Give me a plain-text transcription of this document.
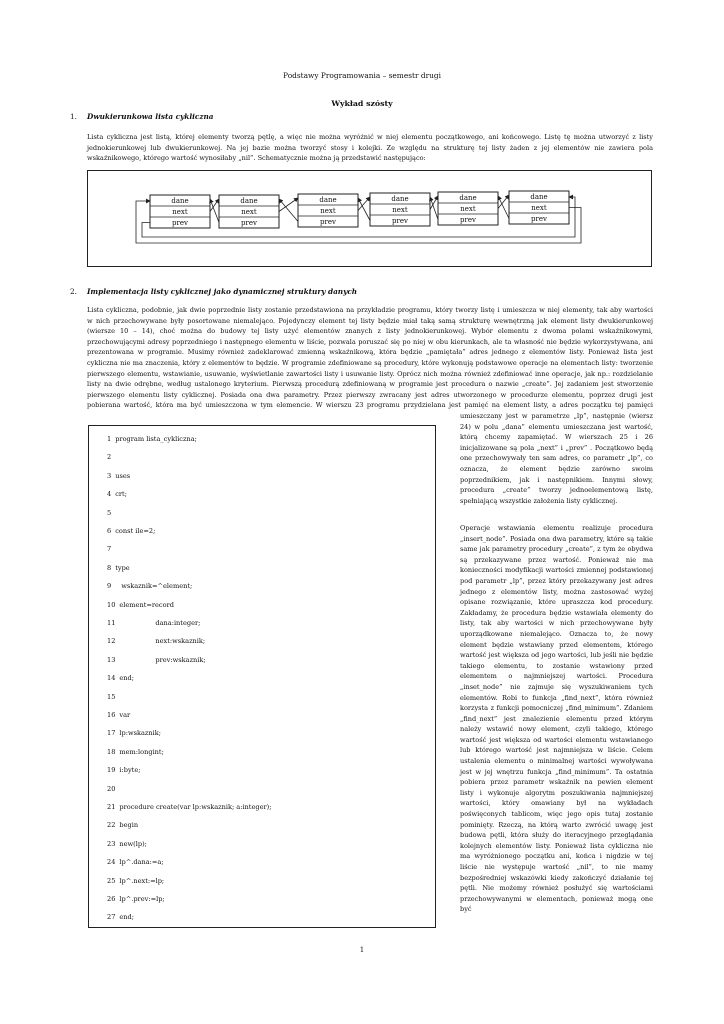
Podstawy Programowania – semestr drugi
Wykład szósty
1. Dwukierunkowa lista cykliczna
Lista cykliczna jest listą, której elementy tworzą pętlę, a więc nie można wyróżnić w niej elementu początkowego, ani końcowego. Listę tę można utworzyć z listy
jednokierunkowej lub dwukierunkowej. Na jej bazie można tworzyć stosy i kolejki. Ze względu na strukturę tej listy żaden z jej elementów nie zawiera pola
wskaźnikowego, którego wartość wynosiłaby „nil”. Schematycznie można ją przedstawić następująco:
dane
next
prev
dane
next
prev
dane
next
prev
dane
next
prev
dane
next
prev
dane
next
prev
2. Implementacja listy cyklicznej jako dynamicznej struktury danych
Lista cykliczna, podobnie, jak dwie poprzednie listy zostanie przedstawiona na przykładzie programu, który tworzy listę i umieszcza w niej elementy, tak aby wartości
w nich przechowywane były posortowane niemalejąco. Pojedynczy element tej listy będzie miał taką samą strukturę wewnętrzną jak element listy dwukierunkowej
(wiersze 10 – 14), choć można do budowy tej listy użyć elementów znanych z listy jednokierunkowej. Wybór elementu z dwoma polami wskaźnikowymi,
przechowującymi adresy poprzedniego i następnego elementu w liście, pozwala poruszać się po niej w obu kierunkach, ale ta własność nie będzie wykorzystywana, ani
prezentowana w programie. Musimy również zadeklarować zmienną wskaźnikową, która będzie „pamiętała” adres jednego z elementów listy. Ponieważ lista jest
cykliczna nie ma znaczenia, który z elementów to będzie. W programie zdefiniowane są procedury, które wykonują podstawowe operacje na elementach listy: tworzenie
pierwszego elementu, wstawianie, usuwanie, wyświetlanie zawartości listy i usuwanie listy. Oprócz nich można również zdefiniować inne operacje, jak np.: rozdzielanie
listy na dwie odrębne, według ustalonego kryterium. Pierwszą procedurą zdefiniowaną w programie jest procedura o nazwie „create”. Jej zadaniem jest stworzenie
pierwszego elementu listy cyklicznej. Posiada ona dwa parametry. Przez pierwszy zwracany jest adres utworzonego w procedurze elementu, poprzez drugi jest
pobierana wartość, która ma być umieszczona w tym elemencie. W wierszu 23 programu przydzielana jest pamięć na element listy, a adres początku tej pamięci
umieszczany jest w parametrze „lp”, następnie (wiersz
24) w polu „dana” elementu umieszczana jest wartość,
którą chcemy zapamiętać. W wierszach 25 i 26
inicjalizowane są pola „next” i „prev” . Początkowo będą
one przechowywały ten sam adres, co parametr „lp”, co
oznacza, że element będzie zarówno swoim
poprzednikiem, jak i następnikiem. Innymi słowy,
procedura „create” tworzy jednoelementową listę,
spełniającą wszystkie założenia listy cyklicznej.
Operacje wstawiania elementu realizuje procedura
„insert_node”. Posiada ona dwa parametry, które są takie
same jak parametry procedury „create”, z tym że obydwa
są przekazywane przez wartość. Ponieważ nie ma
konieczności modyfikacji wartości zmiennej podstawionej
pod parametr „lp”, przez który przekazywany jest adres
jednego z elementów listy, można zastosować wyżej
opisane rozwiązanie, które upraszcza kod procedury.
Zakładamy, że procedura będzie wstawiała elementy do
listy, tak aby wartości w nich przechowywane były
uporządkowane niemalejąco. Oznacza to, że nowy
element będzie wstawiany przed elementem, którego
wartość jest większa od jego wartości, lub jeśli nie będzie
takiego elementu, to zostanie wstawiony przed
elementem o najmniejszej wartości. Procedura
„inset_node” nie zajmuje się wyszukiwaniem tych
elementów. Robi to funkcja „find_next”, która również
korzysta z funkcji pomocniczej „find_minimum”. Zdaniem
„find_next” jest znalezienie elementu przed którym
należy wstawić nowy element, czyli takiego, którego
wartość jest większa od wartości elementu wstawianego
lub którego wartość jest najmniejsza w liście. Celem
ustalenia elementu o minimalnej wartości wywoływana
jest w jej wnętrzu funkcja „find_minimum”. Ta ostatnia
pobiera przez parametr wskaźnik na pewien element
listy i wykonuje algorytm poszukiwania najmniejszej
wartości, który omawiany był na wykładach
poświęconych tablicom, więc jego opis tutaj zostanie
pominięty. Rzeczą, na którą warto zwrócić uwagę jest
budowa pętli, która służy do iteracyjnego przeglądania
kolejnych elementów listy. Ponieważ lista cykliczna nie
ma wyróżnionego początku ani, końca i nigdzie w tej
liście nie występuje wartość „nil”, to nie mamy
bezpośredniej wskazówki kiedy zakończyć działanie tej
pętli. Nie możemy również posłużyć się wartościami
przechowywanymi w elementach, ponieważ mogą one być
1 program lista_cykliczna;
2
3 uses
4 crt;
5
6 const ile=2;
7
8 type
9 wskaznik=^element;
10 element=record
11	dana:integer;
12	next:wskaznik;
13	prev:wskaznik;
14 end;
15
16 var
17 lp:wskaznik;
18 mem:longint;
19 i:byte;
20
21 procedure create(var lp:wskaznik; a:integer);
22 begin
23 new(lp);
24 lp^.dana:=a;
25 lp^.next:=lp;
26 lp^.prev:=lp;
27 end;
1
